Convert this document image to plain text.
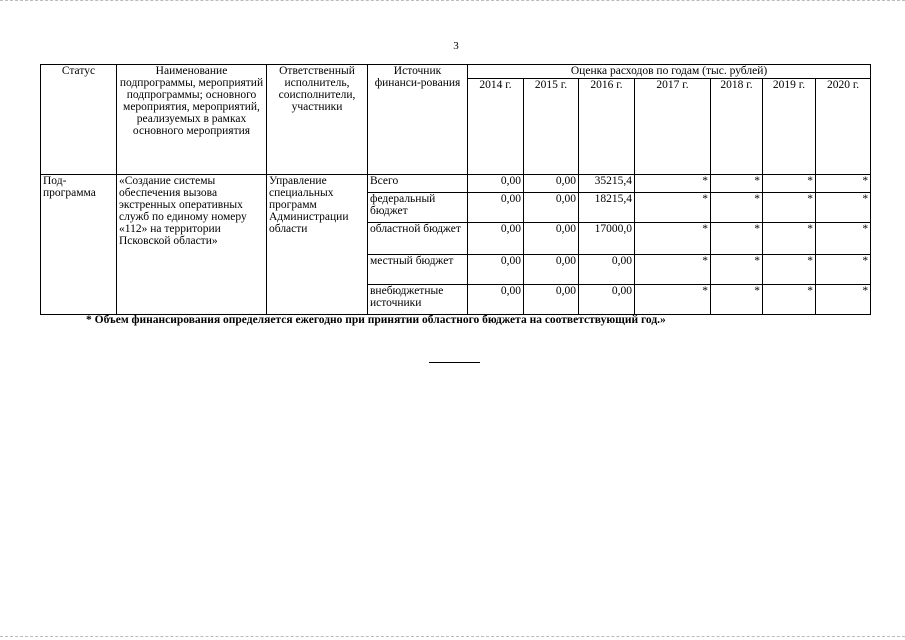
3
Статус	Наименование подпрограммы, мероприятий подпрограммы; основного мероприятия, мероприятий, реализуемых в рамках основного мероприятия	Ответственный исполнитель, соисполнители, участники	Источник финанси-рования	Оценка расходов по годам (тыс. рублей)						
				2014 г.	2015 г.	2016 г.	2017 г.	2018 г.	2019 г.	2020 г.
Под-программа	«Создание системы обеспечения вызова экстренных оперативных служб по единому номеру «112» на территории Псковской области»	Управление специальных программ Администрации области	Всего	0,00	0,00	35215,4	*	*	*	*
			федеральный бюджет	0,00	0,00	18215,4	*	*	*	*
			областной бюджет	0,00	0,00	17000,0	*	*	*	*
			местный бюджет	0,00	0,00	0,00	*	*	*	*
			внебюджетные источники	0,00	0,00	0,00	*	*	*	*
* Объем финансирования определяется ежегодно при принятии областного бюджета на соответствующий год.»
